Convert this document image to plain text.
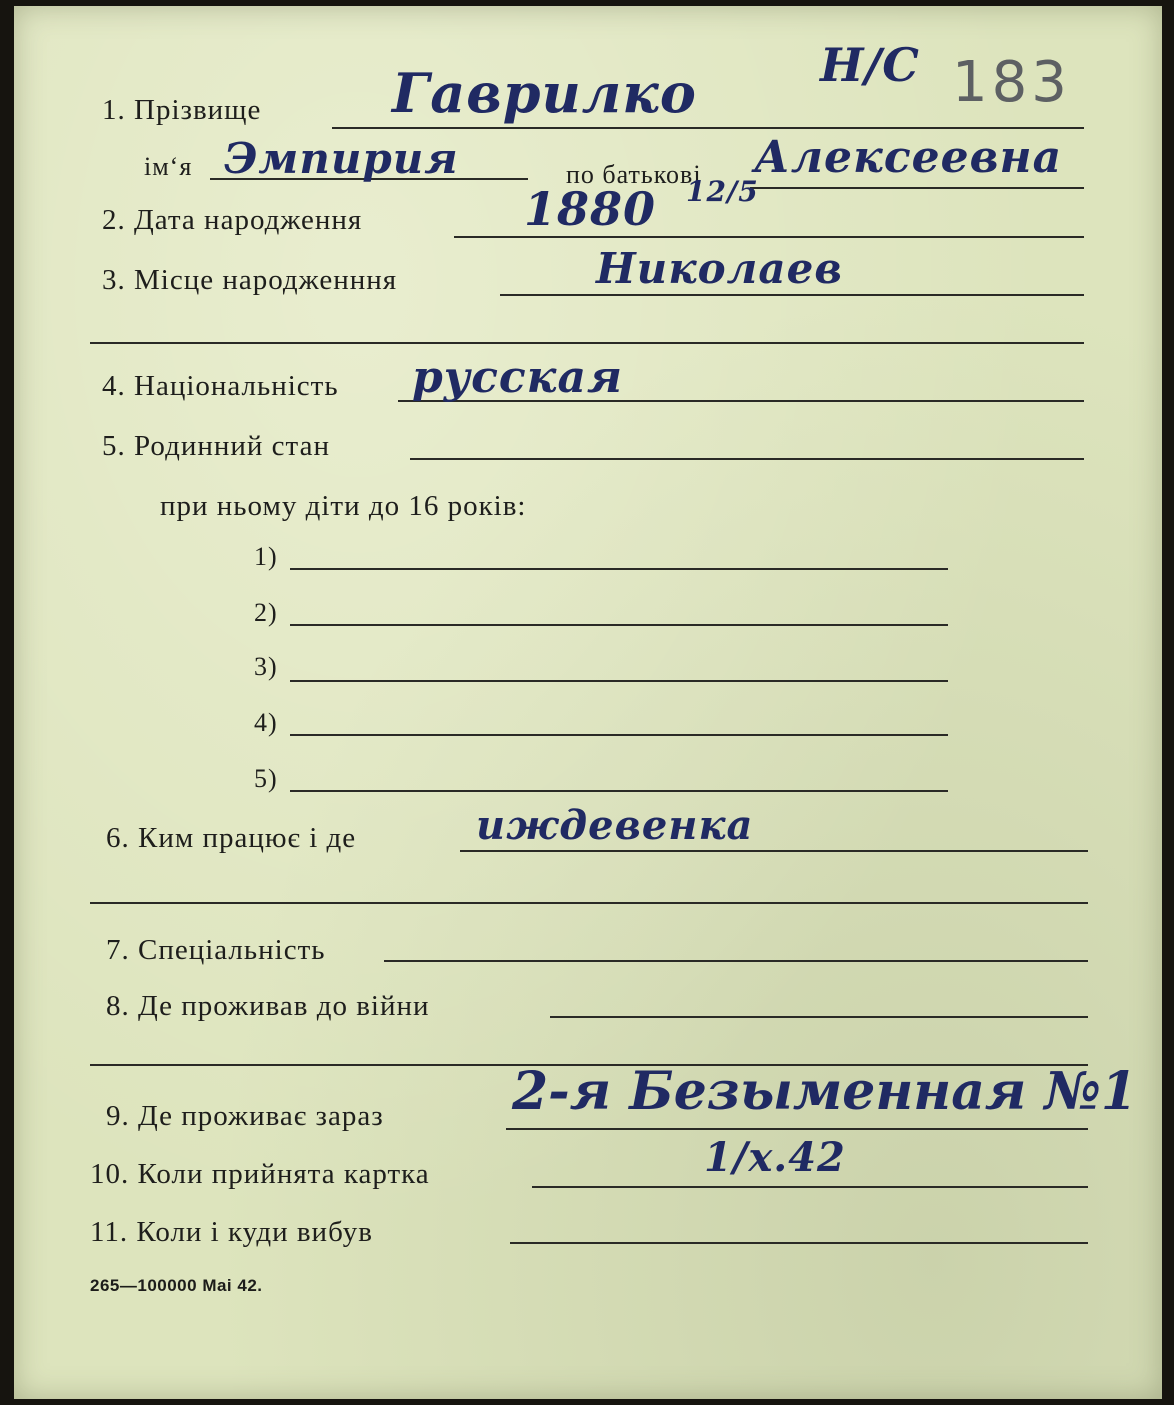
Н/С 183
1. Прізвище Гаврилко
ім‘я Эмпирия	по батькові Алексеевна
2. Дата народження	1880 12/5
3. Місце народженння	Николаев
4. Національність русская
5. Родинний стан
при ньому діти до 16 років:
1)
2)
3)
4)
5)
6. Ким працює і де	иждевенка
7. Спеціальність
8. Де проживав до війни
9. Де проживає зараз 2-я Безыменная №1
10. Коли прийнята картка	1/x.42
11. Коли і куди вибув
265—100000 Mai 42.
